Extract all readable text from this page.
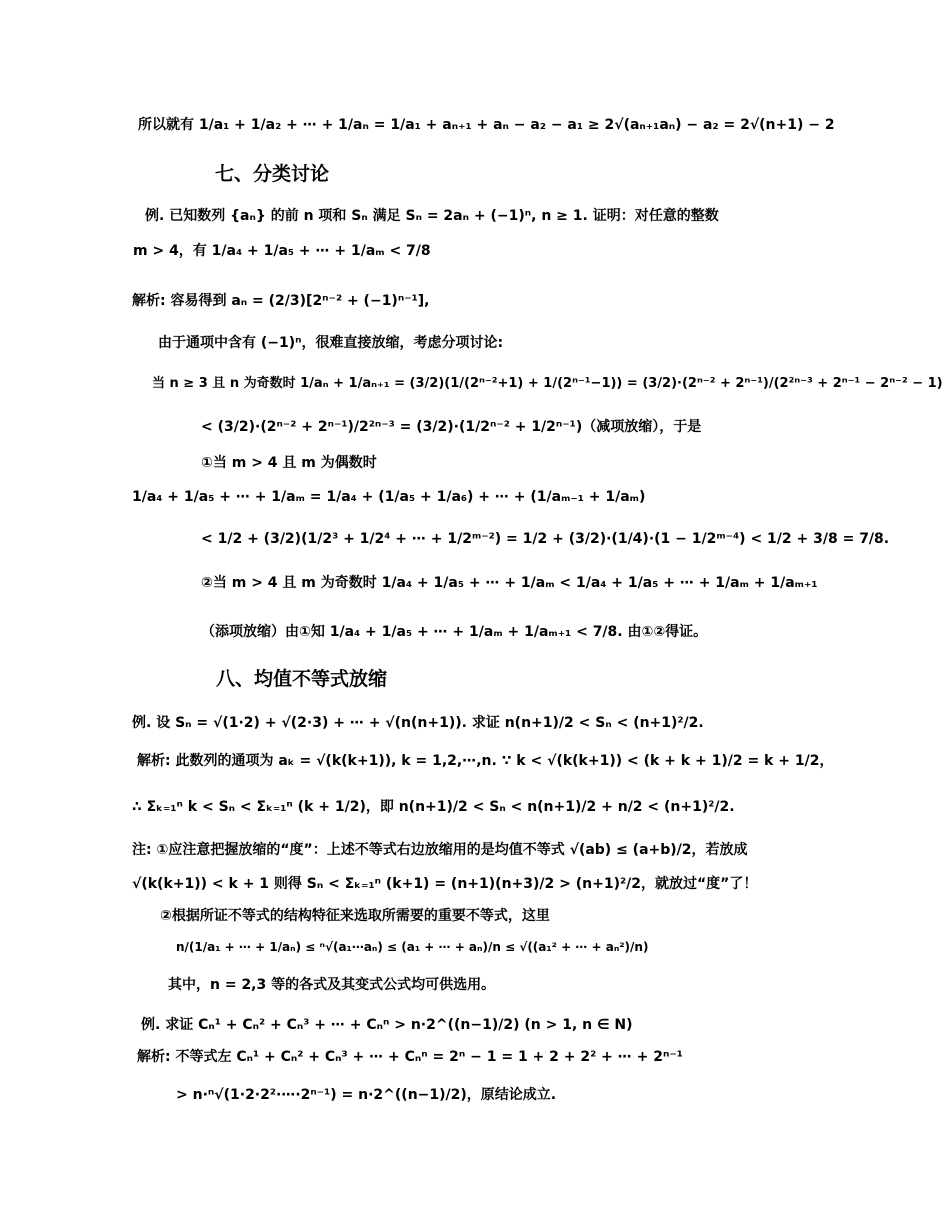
所以就有 1/a₁ + 1/a₂ + ⋯ + 1/aₙ = 1/a₁ + aₙ₊₁ + aₙ − a₂ − a₁ ≥ 2√(aₙ₊₁aₙ) − a₂ = 2√(n+1) − 2
七、分类讨论
例. 已知数列 {aₙ} 的前 n 项和 Sₙ 满足 Sₙ = 2aₙ + (−1)ⁿ, n ≥ 1. 证明：对任意的整数
m > 4，有 1/a₄ + 1/a₅ + ⋯ + 1/aₘ < 7/8
解析: 容易得到 aₙ = (2/3)[2ⁿ⁻² + (−1)ⁿ⁻¹],
由于通项中含有 (−1)ⁿ，很难直接放缩，考虑分项讨论:
当 n ≥ 3 且 n 为奇数时 1/aₙ + 1/aₙ₊₁ = (3/2)(1/(2ⁿ⁻²+1) + 1/(2ⁿ⁻¹−1)) = (3/2)·(2ⁿ⁻² + 2ⁿ⁻¹)/(2²ⁿ⁻³ + 2ⁿ⁻¹ − 2ⁿ⁻² − 1)
< (3/2)·(2ⁿ⁻² + 2ⁿ⁻¹)/2²ⁿ⁻³ = (3/2)·(1/2ⁿ⁻² + 1/2ⁿ⁻¹)（减项放缩），于是
①当 m > 4 且 m 为偶数时
1/a₄ + 1/a₅ + ⋯ + 1/aₘ = 1/a₄ + (1/a₅ + 1/a₆) + ⋯ + (1/aₘ₋₁ + 1/aₘ)
< 1/2 + (3/2)(1/2³ + 1/2⁴ + ⋯ + 1/2ᵐ⁻²) = 1/2 + (3/2)·(1/4)·(1 − 1/2ᵐ⁻⁴) < 1/2 + 3/8 = 7/8.
②当 m > 4 且 m 为奇数时 1/a₄ + 1/a₅ + ⋯ + 1/aₘ < 1/a₄ + 1/a₅ + ⋯ + 1/aₘ + 1/aₘ₊₁
（添项放缩）由①知 1/a₄ + 1/a₅ + ⋯ + 1/aₘ + 1/aₘ₊₁ < 7/8. 由①②得证。
八、均值不等式放缩
例. 设 Sₙ = √(1·2) + √(2·3) + ⋯ + √(n(n+1)). 求证 n(n+1)/2 < Sₙ < (n+1)²/2.
解析: 此数列的通项为 aₖ = √(k(k+1)), k = 1,2,⋯,n. ∵ k < √(k(k+1)) < (k + k + 1)/2 = k + 1/2，
∴ Σₖ₌₁ⁿ k < Sₙ < Σₖ₌₁ⁿ (k + 1/2)，即 n(n+1)/2 < Sₙ < n(n+1)/2 + n/2 < (n+1)²/2.
注: ①应注意把握放缩的“度”：上述不等式右边放缩用的是均值不等式 √(ab) ≤ (a+b)/2，若放成
√(k(k+1)) < k + 1 则得 Sₙ < Σₖ₌₁ⁿ (k+1) = (n+1)(n+3)/2 > (n+1)²/2，就放过“度”了！
②根据所证不等式的结构特征来选取所需要的重要不等式，这里
n/(1/a₁ + ⋯ + 1/aₙ) ≤ ⁿ√(a₁⋯aₙ) ≤ (a₁ + ⋯ + aₙ)/n ≤ √((a₁² + ⋯ + aₙ²)/n)
其中，n = 2,3 等的各式及其变式公式均可供选用。
例. 求证 Cₙ¹ + Cₙ² + Cₙ³ + ⋯ + Cₙⁿ > n·2^((n−1)/2) (n > 1, n ∈ N)
解析: 不等式左 Cₙ¹ + Cₙ² + Cₙ³ + ⋯ + Cₙⁿ = 2ⁿ − 1 = 1 + 2 + 2² + ⋯ + 2ⁿ⁻¹
> n·ⁿ√(1·2·2²·⋯·2ⁿ⁻¹) = n·2^((n−1)/2)，原结论成立.
